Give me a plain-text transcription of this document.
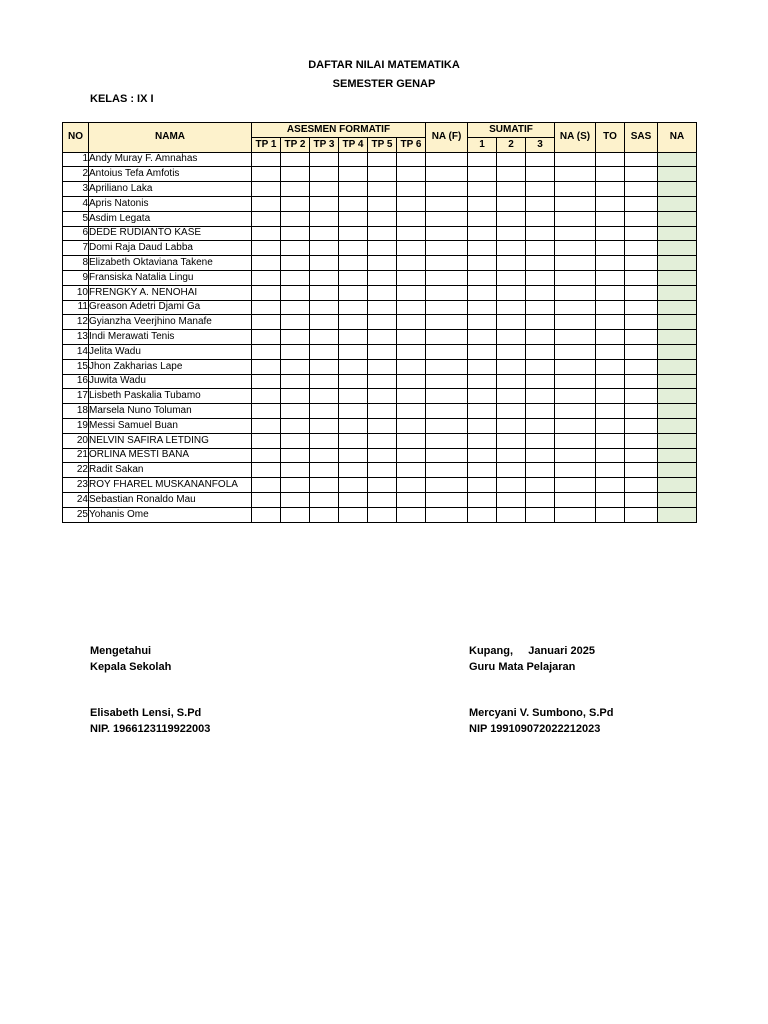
DAFTAR NILAI MATEMATIKA
SEMESTER GENAP
KELAS : IX I
NO	NAMA	ASESMEN FORMATIF						NA (F)	SUMATIF			NA (S)	TO	SAS	NA
		TP 1	TP 2	TP 3	TP 4	TP 5	TP 6		1	2	3				
1	Andy Muray F. Amnahas														
2	Antoius Tefa Amfotis														
3	Apriliano Laka														
4	Apris Natonis														
5	Asdim Legata														
6	DEDE RUDIANTO KASE														
7	Domi Raja Daud Labba														
8	Elizabeth Oktaviana Takene														
9	Fransiska Natalia Lingu														
10	FRENGKY A. NENOHAI														
11	Greason Adetri Djami Ga														
12	Gyianzha Veerjhino Manafe														
13	Indi Merawati Tenis														
14	Jelita Wadu														
15	Jhon Zakharias Lape														
16	Juwita Wadu														
17	Lisbeth Paskalia Tubamo														
18	Marsela Nuno Toluman														
19	Messi Samuel Buan														
20	NELVIN SAFIRA LETDING														
21	ORLINA MESTI BANA														
22	Radit Sakan														
23	ROY FHAREL MUSKANANFOLA														
24	Sebastian Ronaldo Mau														
25	Yohanis Ome														
Mengetahui
Kepala Sekolah
Elisabeth Lensi, S.Pd
NIP. 1966123119922003
Kupang,     Januari 2025
Guru Mata Pelajaran
Mercyani V. Sumbono, S.Pd
NIP 199109072022212023
